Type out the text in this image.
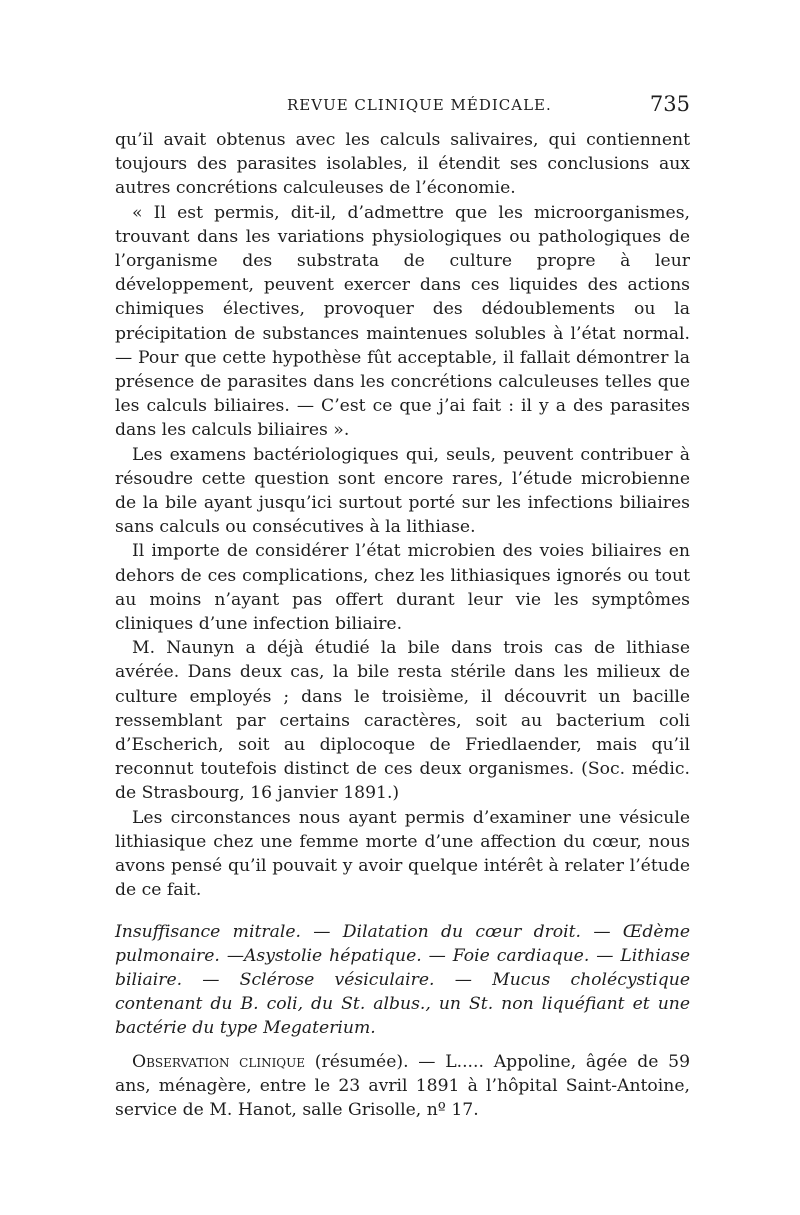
REVUE CLINIQUE MÉDICALE.	735

qu’il avait obtenus avec les calculs salivaires, qui contiennent toujours des parasites isolables, il étendit ses conclusions aux autres concrétions calculeuses de l’économie.

« Il est permis, dit-il, d’admettre que les microorganismes, trouvant dans les variations physiologiques ou pathologiques de l’organisme des substrata de culture propre à leur développement, peuvent exercer dans ces liquides des actions chimiques électives, provoquer des dédoublements ou la précipitation de substances maintenues solubles à l’état normal. — Pour que cette hypothèse fût acceptable, il fallait démontrer la présence de parasites dans les concrétions calculeuses telles que les calculs biliaires. — C’est ce que j’ai fait : il y a des parasites dans les calculs biliaires ».

Les examens bactériologiques qui, seuls, peuvent contribuer à résoudre cette question sont encore rares, l’étude microbienne de la bile ayant jusqu’ici surtout porté sur les infections biliaires sans calculs ou consécutives à la lithiase.

Il importe de considérer l’état microbien des voies biliaires en dehors de ces complications, chez les lithiasiques ignorés ou tout au moins n’ayant pas offert durant leur vie les symptômes cliniques d’une infection biliaire.

M. Naunyn a déjà étudié la bile dans trois cas de lithiase avérée. Dans deux cas, la bile resta stérile dans les milieux de culture employés ; dans le troisième, il découvrit un bacille ressemblant par certains caractères, soit au bacterium coli d’Escherich, soit au diplocoque de Friedlaender, mais qu’il reconnut toutefois distinct de ces deux organismes. (Soc. médic. de Strasbourg, 16 janvier 1891.)

Les circonstances nous ayant permis d’examiner une vésicule lithiasique chez une femme morte d’une affection du cœur, nous avons pensé qu’il pouvait y avoir quelque intérêt à relater l’étude de ce fait.

Insuffisance mitrale. — Dilatation du cœur droit. — Œdème pulmonaire. —Asystolie hépatique. — Foie cardiaque. — Lithiase biliaire. — Sclérose vésiculaire. — Mucus cholécystique contenant du B. coli, du St. albus., un St. non liquéfiant et une bactérie du type Megaterium.

Observation clinique (résumée). — L..... Appoline, âgée de 59 ans, ménagère, entre le 23 avril 1891 à l’hôpital Saint-Antoine, service de M. Hanot, salle Grisolle, nº 17.
